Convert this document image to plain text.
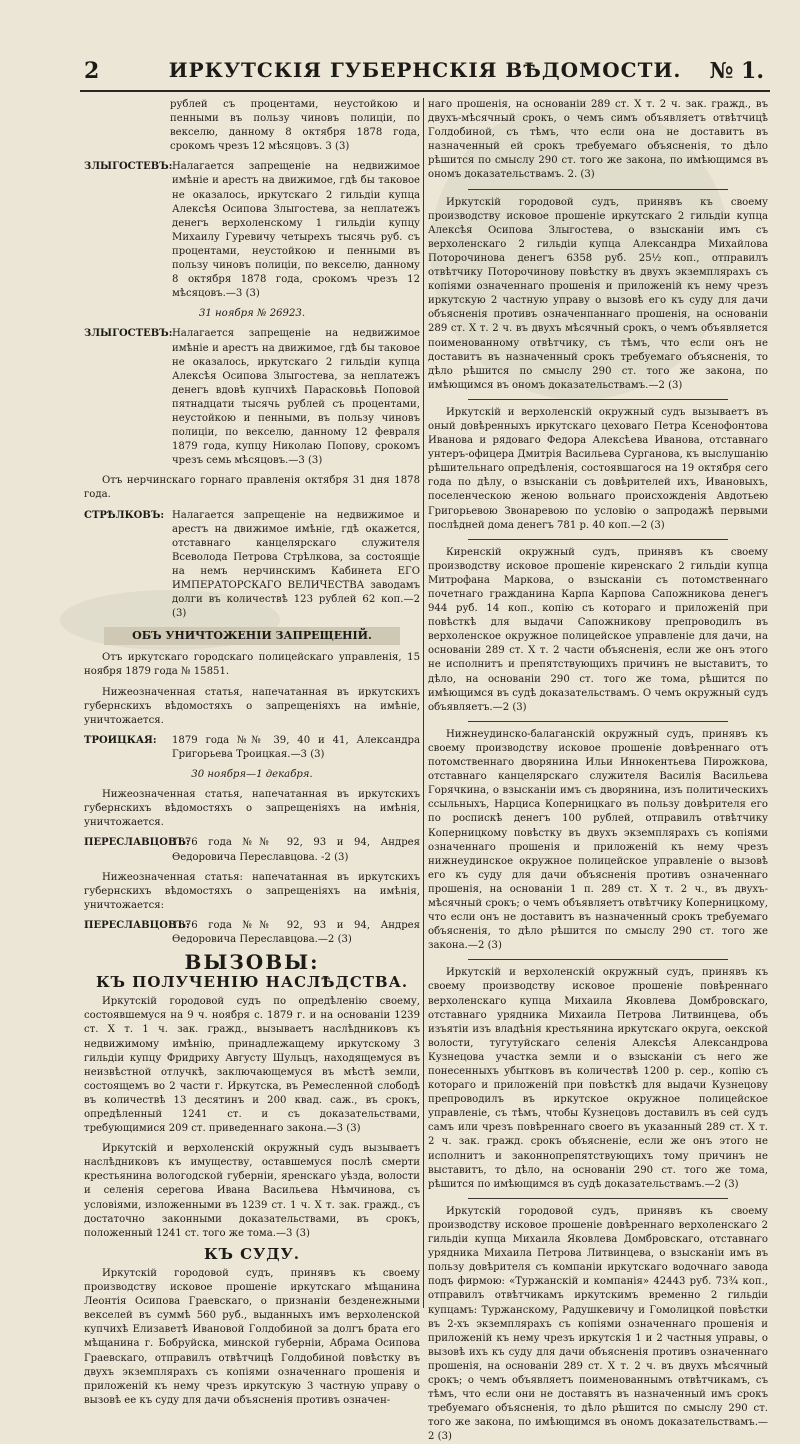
2	ИРКУТСКІЯ ГУБЕРНСКІЯ ВѢДОМОСТИ.	№ 1.

рублей съ процентами, неустойкою и пенными въ пользу чиновъ полиціи, по векселю, данному 8 октября 1878 года, срокомъ чрезъ 12 мѣсяцовъ. 3 (3)

ЗЛЫГОСТЕВЪ: Налагается запрещеніе на недвижимое имѣніе и арестъ на движимое, гдѣ бы таковое не оказалось, иркутскаго 2 гильдіи купца Алексѣя Осипова Злыгостева, за неплатежъ денегъ верхоленскому 1 гильдіи купцу Михаилу Гуревичу четырехъ тысячь руб. съ процентами, неустойкою и пенными въ пользу чиновъ полиціи, по векселю, данному 8 октября 1878 года, срокомъ чрезъ 12 мѣсяцовъ.—3 (3)
31 ноября № 26923.
ЗЛЫГОСТЕВЪ: Налагается запрещеніе на недвижимое имѣніе и арестъ на движимое, гдѣ бы таковое не оказалось, иркутскаго 2 гильдіи купца Алексѣя Осипова Злыгостева, за неплатежъ денегъ вдовѣ купчихѣ Парасковьѣ Поповой пятнадцати тысячь рублей съ процентами, неустойкою и пенными, въ пользу чиновъ полиціи, по векселю, данному 12 февраля 1879 года, купцу Николаю Попову, срокомъ чрезъ семь мѣсяцовъ.—3 (3)

Отъ нерчинскаго горнаго правленія октября 31 дня 1878 года.

СТРѢЛКОВЪ: Налагается запрещеніе на недвижимое и арестъ на движимое имѣніе, гдѣ окажется, отставнаго канцелярскаго служителя Всеволода Петрова Стрѣлкова, за состоящіе на немъ нерчинскимъ Кабинета ЕГО ИМПЕРАТОРСКАГО ВЕЛИЧЕСТВА заводамъ долги въ количествѣ 123 рублей 62 коп.—2 (3)
ОБЪ УНИЧТОЖЕНІИ ЗАПРЕЩЕНІЙ.

Отъ иркутскаго городскаго полицейскаго управленія, 15 ноября 1879 года № 15851.

Нижеозначенная статья, напечатанная въ иркутскихъ губернскихъ вѣдомостяхъ о запрещеніяхъ на имѣніе, уничтожается.

ТРОИЦКАЯ: 1879 года №№ 39, 40 и 41, Александра Григорьева Троицкая.—3 (3)
30 ноября—1 декабря.

Нижеозначенная статья, напечатанная въ иркутскихъ губернскихъ вѣдомостяхъ о запрещеніяхъ на имѣнія, уничтожается.

ПЕРЕСЛАВЦОВЪ:
1876 года №№ 92, 93 и 94, Андрея Өедоровича Переславцова. -2 (3)

Нижеозначенная статья: напечатанная въ иркутскихъ губернскихъ вѣдомостяхъ о запрещеніяхъ на имѣнія, уничтожается:

ПЕРЕСЛАВЦОВЪ:
1876 года №№ 92, 93 и 94, Андрея Өедоровича Переславцова.—2 (3)
ВЫЗОВЫ:
КЪ ПОЛУЧЕНІЮ НАСЛѢДСТВА.

Иркутскій городовой судъ по опредѣленію своему, состоявшемуся на 9 ч. ноября с. 1879 г. и на основаніи 1239 ст. Х т. 1 ч. зак. гражд., вызываетъ наслѣдниковъ къ недвижимому имѣнію, принадлежащему иркутскому 3 гильдіи купцу Фридриху Августу Шульцъ, находящемуся въ неизвѣстной отлучкѣ, заключающемуся въ мѣстѣ земли, состоящемъ во 2 части г. Иркутска, въ Ремесленной слободѣ въ количествѣ 13 десятинъ и 200 квад. саж., въ срокъ, опредѣленный 1241 ст. и съ доказательствами, требующимися 209 ст. приведеннаго закона.—3 (3)

Иркутскій и верхоленскій окружный судъ вызываетъ наслѣдниковъ къ имуществу, оставшемуся послѣ смерти крестьянина вологодской губерніи, яренскаго уѣзда, волости и селенія серегова Ивана Васильева Нѣмчинова, съ условіями, изложенными въ 1239 ст. 1 ч. Х т. зак. гражд., съ достаточно законными доказательствами, въ срокъ, положенный 1241 ст. того же тома.—3 (3)

КЪ СУДУ.

Иркутскій городовой судъ, принявъ къ своему производству исковое прошеніе иркутскаго мѣщанина Леонтія Осипова Граевскаго, о признаніи безденежными векселей въ суммѣ 560 руб., выданныхъ имъ верхоленской купчихѣ Елизаветѣ Ивановой Голдобиной за долгъ брата его мѣщанина г. Бобруйска, минской губерніи, Абрама Осипова Граевскаго, отправилъ отвѣтчицѣ Голдобиной повѣстку въ двухъ экземплярахъ съ копіями означеннаго прошенія и приложеній къ нему чрезъ иркутскую 3 частную управу о вызовѣ ее къ суду для дачи объясненія противъ означен-

наго прошенія, на основаніи 289 ст. Х т. 2 ч. зак. гражд., въ двухъ-мѣсячный срокъ, о чемъ симъ объявляетъ отвѣтчицѣ Голдобиной, съ тѣмъ, что если она не доставитъ въ назначенный ей срокъ требуемаго объясненія, то дѣло рѣшится по смыслу 290 ст. того же закона, по имѣющимся въ ономъ доказательствамъ. 2. (3)

Иркутскій городовой судъ, принявъ къ своему производству исковое прошеніе иркутскаго 2 гильдіи купца Алексѣя Осипова Злыгостева, о взысканіи имъ съ верхоленскаго 2 гильдіи купца Александра Михайлова Поторочинова денегъ 6358 руб. 25½ коп., отправилъ отвѣтчику Поторочинову повѣстку въ двухъ экземплярахъ съ копіями означеннаго прошенія и приложеній къ нему чрезъ иркутскую 2 частную управу о вызовѣ его къ суду для дачи объясненія противъ означенпаннаго прошенія, на основаніи 289 ст. Х т. 2 ч. въ двухъ мѣсячный срокъ, о чемъ объявляется поименованному отвѣтчику, съ тѣмъ, что если онъ не доставитъ въ назначенный срокъ требуемаго объясненія, то дѣло рѣшится по смыслу 290 ст. того же закона, по имѣющимся въ ономъ доказательствамъ.—2 (3)

Иркутскій и верхоленскій окружный судъ вызываетъ въ оный довѣренныхъ иркутскаго цеховаго Петра Ксенофонтова Иванова и рядоваго Федора Алексѣева Иванова, отставнаго унтеръ-офицера Дмитрія Васильева Сурганова, къ выслушанію рѣшительнаго опредѣленія, состоявшагося на 19 октября сего года по дѣлу, о взысканіи съ довѣрителей ихъ, Ивановыхъ, поселенческою женою вольнаго происхожденія Авдотьею Григорьевою Звонаревою по условію о запродажѣ первыми послѣдней дома денегъ 781 р. 40 коп.—2 (3)

Киренскій окружный судъ, принявъ къ своему производству исковое прошеніе киренскаго 2 гильдіи купца Митрофана Маркова, о взысканіи съ потомственнаго почетнаго гражданина Карпа Карпова Сапожникова денегъ 944 руб. 14 коп., копію съ котораго и приложеній при повѣсткѣ для выдачи Сапожникову препроводилъ въ верхоленское окружное полицейское управленіе для дачи, на основаніи 289 ст. Х т. 2 части объясненія, если же онъ этого не исполнитъ и препятствующихъ причинъ не выставитъ, то дѣло, на основаніи 290 ст. того же тома, рѣшится по имѣющимся въ судѣ доказательствамъ. О чемъ окружный судъ объявляетъ.—2 (3)

Нижнеудинско-балаганскій окружный судъ, принявъ къ своему производству исковое прошеніе довѣреннаго отъ потомственнаго дворянина Ильи Иннокентьева Пирожкова, отставнаго канцелярскаго служителя Василія Васильева Горячкина, о взысканіи имъ съ дворянина, изъ политическихъ ссыльныхъ, Нарциса Коперницкаго въ пользу довѣрителя его по роспискѣ денегъ 100 рублей, отправилъ отвѣтчику Коперницкому повѣстку въ двухъ экземплярахъ съ копіями означеннаго прошенія и приложеній къ нему чрезъ нижнеудинское окружное полицейское управленіе о вызовѣ его къ суду для дачи объясненія противъ означеннаго прошенія, на основаніи 1 п. 289 ст. Х т. 2 ч., въ двухъ-мѣсячный срокъ; о чемъ объявляетъ отвѣтчику Коперницкому, что если онъ не доставитъ въ назначенный срокъ требуемаго объясненія, то дѣло рѣшится по смыслу 290 ст. того же закона.—2 (3)

Иркутскій и верхоленскій окружный судъ, принявъ къ своему производству исковое прошеніе повѣреннаго верхоленскаго купца Михаила Яковлева Домбровскаго, отставнаго урядника Михаила Петрова Литвинцева, объ изъятіи изъ владѣнія крестьянина иркутскаго округа, оекской волости, тугутуйскаго селенія Алексѣя Александрова Кузнецова участка земли и о взысканіи съ него же понесенныхъ убытковъ въ количествѣ 1200 р. сер., копію съ котораго и приложеній при повѣсткѣ для выдачи Кузнецову препроводилъ въ иркутское окружное полицейское управленіе, съ тѣмъ, чтобы Кузнецовъ доставилъ въ сей судъ самъ или чрезъ повѣреннаго своего въ указанный 289 ст. Х т. 2 ч. зак. гражд. срокъ объясненіе, если же онъ этого не исполнитъ и законнопрепятствующихъ тому причинъ не выставитъ, то дѣло, на основаніи 290 ст. того же тома, рѣшится по имѣющимся въ судѣ доказательствамъ.—2 (3)

Иркутскій городовой судъ, принявъ къ своему производству исковое прошеніе довѣреннаго верхоленскаго 2 гильдіи купца Михаила Яковлева Домбровскаго, отставнаго урядника Михаила Петрова Литвинцева, о взысканіи имъ въ пользу довѣрителя съ компаніи иркутскаго водочнаго завода подъ фирмою: «Туржанскій и компанія» 42443 руб. 73¾ коп., отправилъ отвѣтчикамъ иркутскимъ временно 2 гильдіи купцамъ: Туржанскому, Радушкевичу и Гомолицкой повѣстки въ 2-хъ экземплярахъ съ копіями означеннаго прошенія и приложеній къ нему чрезъ иркутскія 1 и 2 частныя управы, о вызовѣ ихъ къ суду для дачи объясненія противъ означеннаго прошенія, на основаніи 289 ст. Х т. 2 ч. въ двухъ мѣсячный срокъ; о чемъ объявляетъ поименованнымъ отвѣтчикамъ, съ тѣмъ, что если они не доставятъ въ назначенный имъ срокъ требуемаго объясненія, то дѣло рѣшится по смыслу 290 ст. того же закона, по имѣющимся въ ономъ доказательствамъ.—2 (3)
